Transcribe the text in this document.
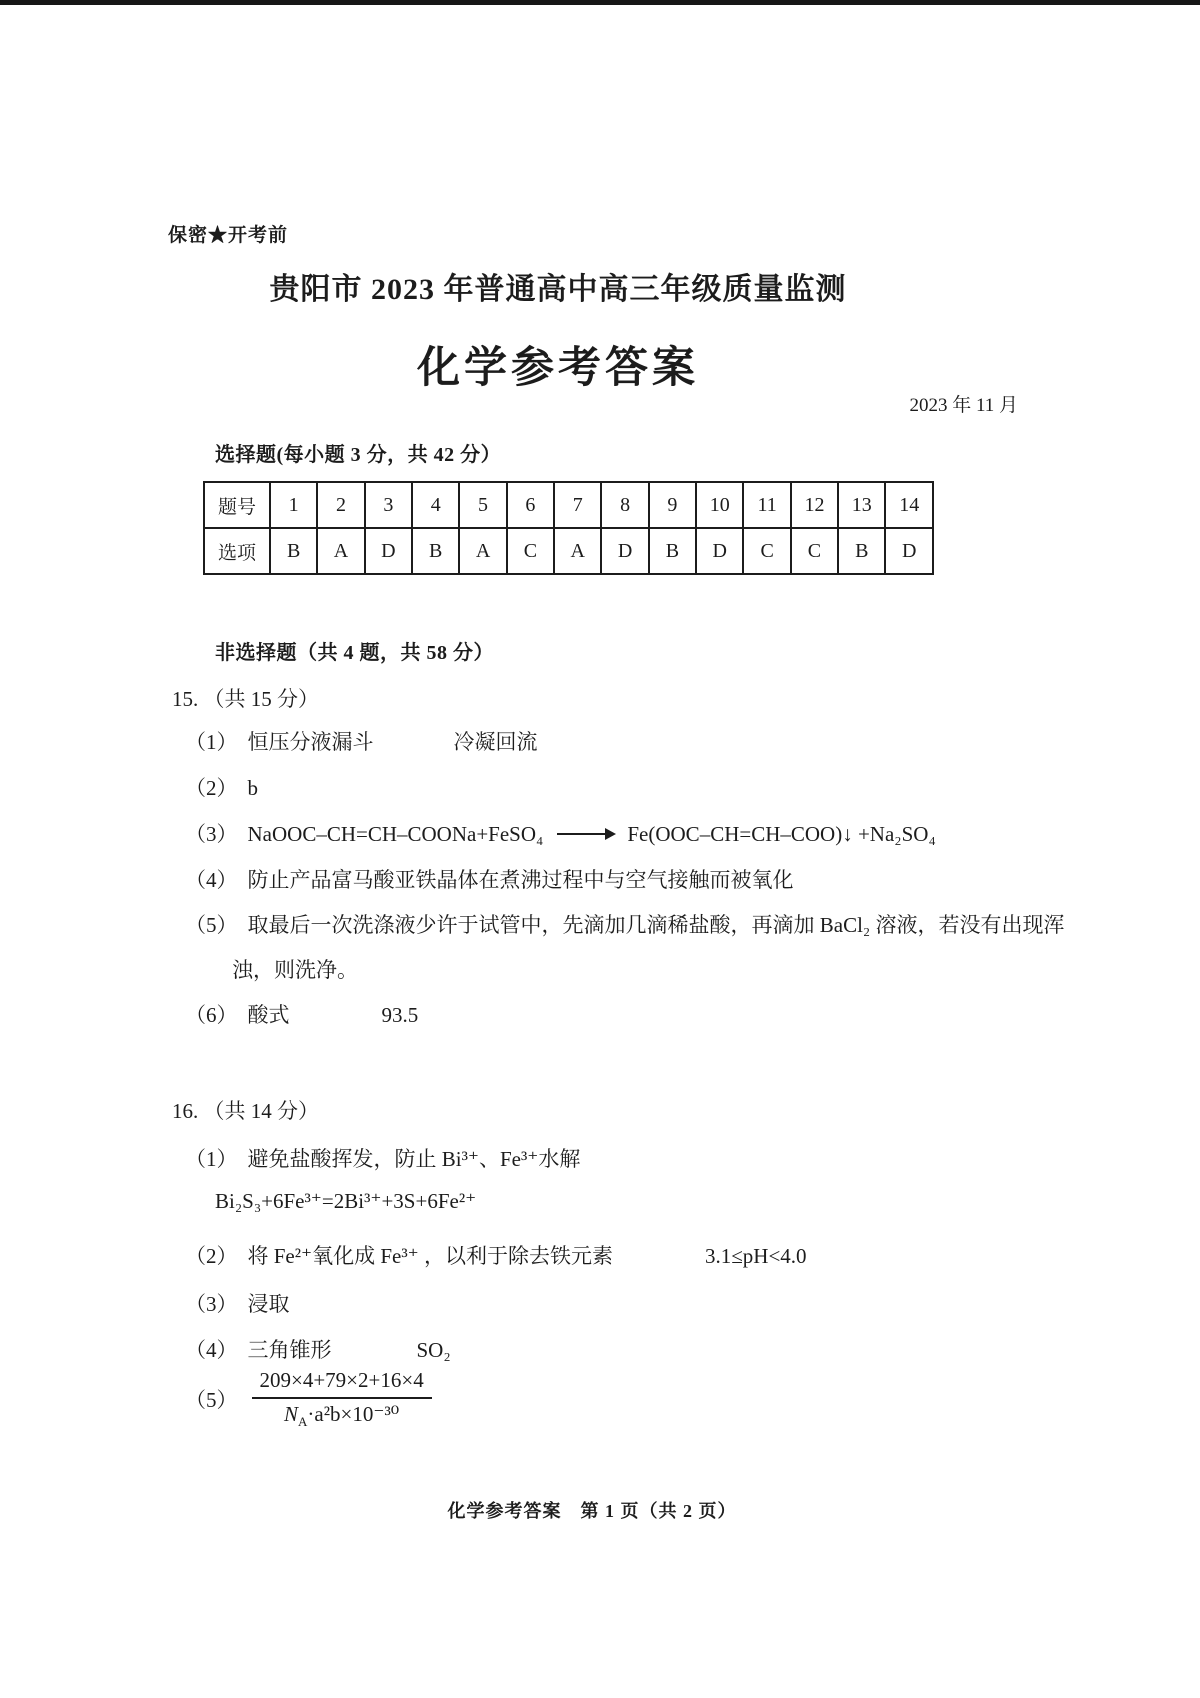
保密★开考前
贵阳市 2023 年普通高中高三年级质量监测
化学参考答案
2023 年 11 月
选择题(每小题 3 分，共 42 分）
题号	1	2	3	4	5	6	7	8	9	10	11	12	13	14
选项	B	A	D	B	A	C	A	D	B	D	C	C	B	D
非选择题（共 4 题，共 58 分）
15. （共 15 分）
（1） 恒压分液漏斗	冷凝回流
（2） b
（3） NaOOC–CH=CH–COONa+FeSO₄ → Fe(OOC–CH=CH–COO)↓ +Na₂SO₄
（4） 防止产品富马酸亚铁晶体在煮沸过程中与空气接触而被氧化
（5） 取最后一次洗涤液少许于试管中，先滴加几滴稀盐酸，再滴加 BaCl₂ 溶液，若没有出现浑
浊，则洗净。
（6） 酸式	93.5
16. （共 14 分）
（1） 避免盐酸挥发，防止 Bi³⁺、Fe³⁺水解
Bi₂S₃+6Fe³⁺=2Bi³⁺+3S+6Fe²⁺
（2） 将 Fe²⁺氧化成 Fe³⁺ ，以利于除去铁元素	3.1≤pH<4.0
（3） 浸取
（4） 三角锥形	SO₂
$(5) \frac{209\times 4+79\times 2+16\times 4}{N_A\cdot a^2b\times 10^{-30}}$
化学参考答案　第 1 页（共 2 页）
